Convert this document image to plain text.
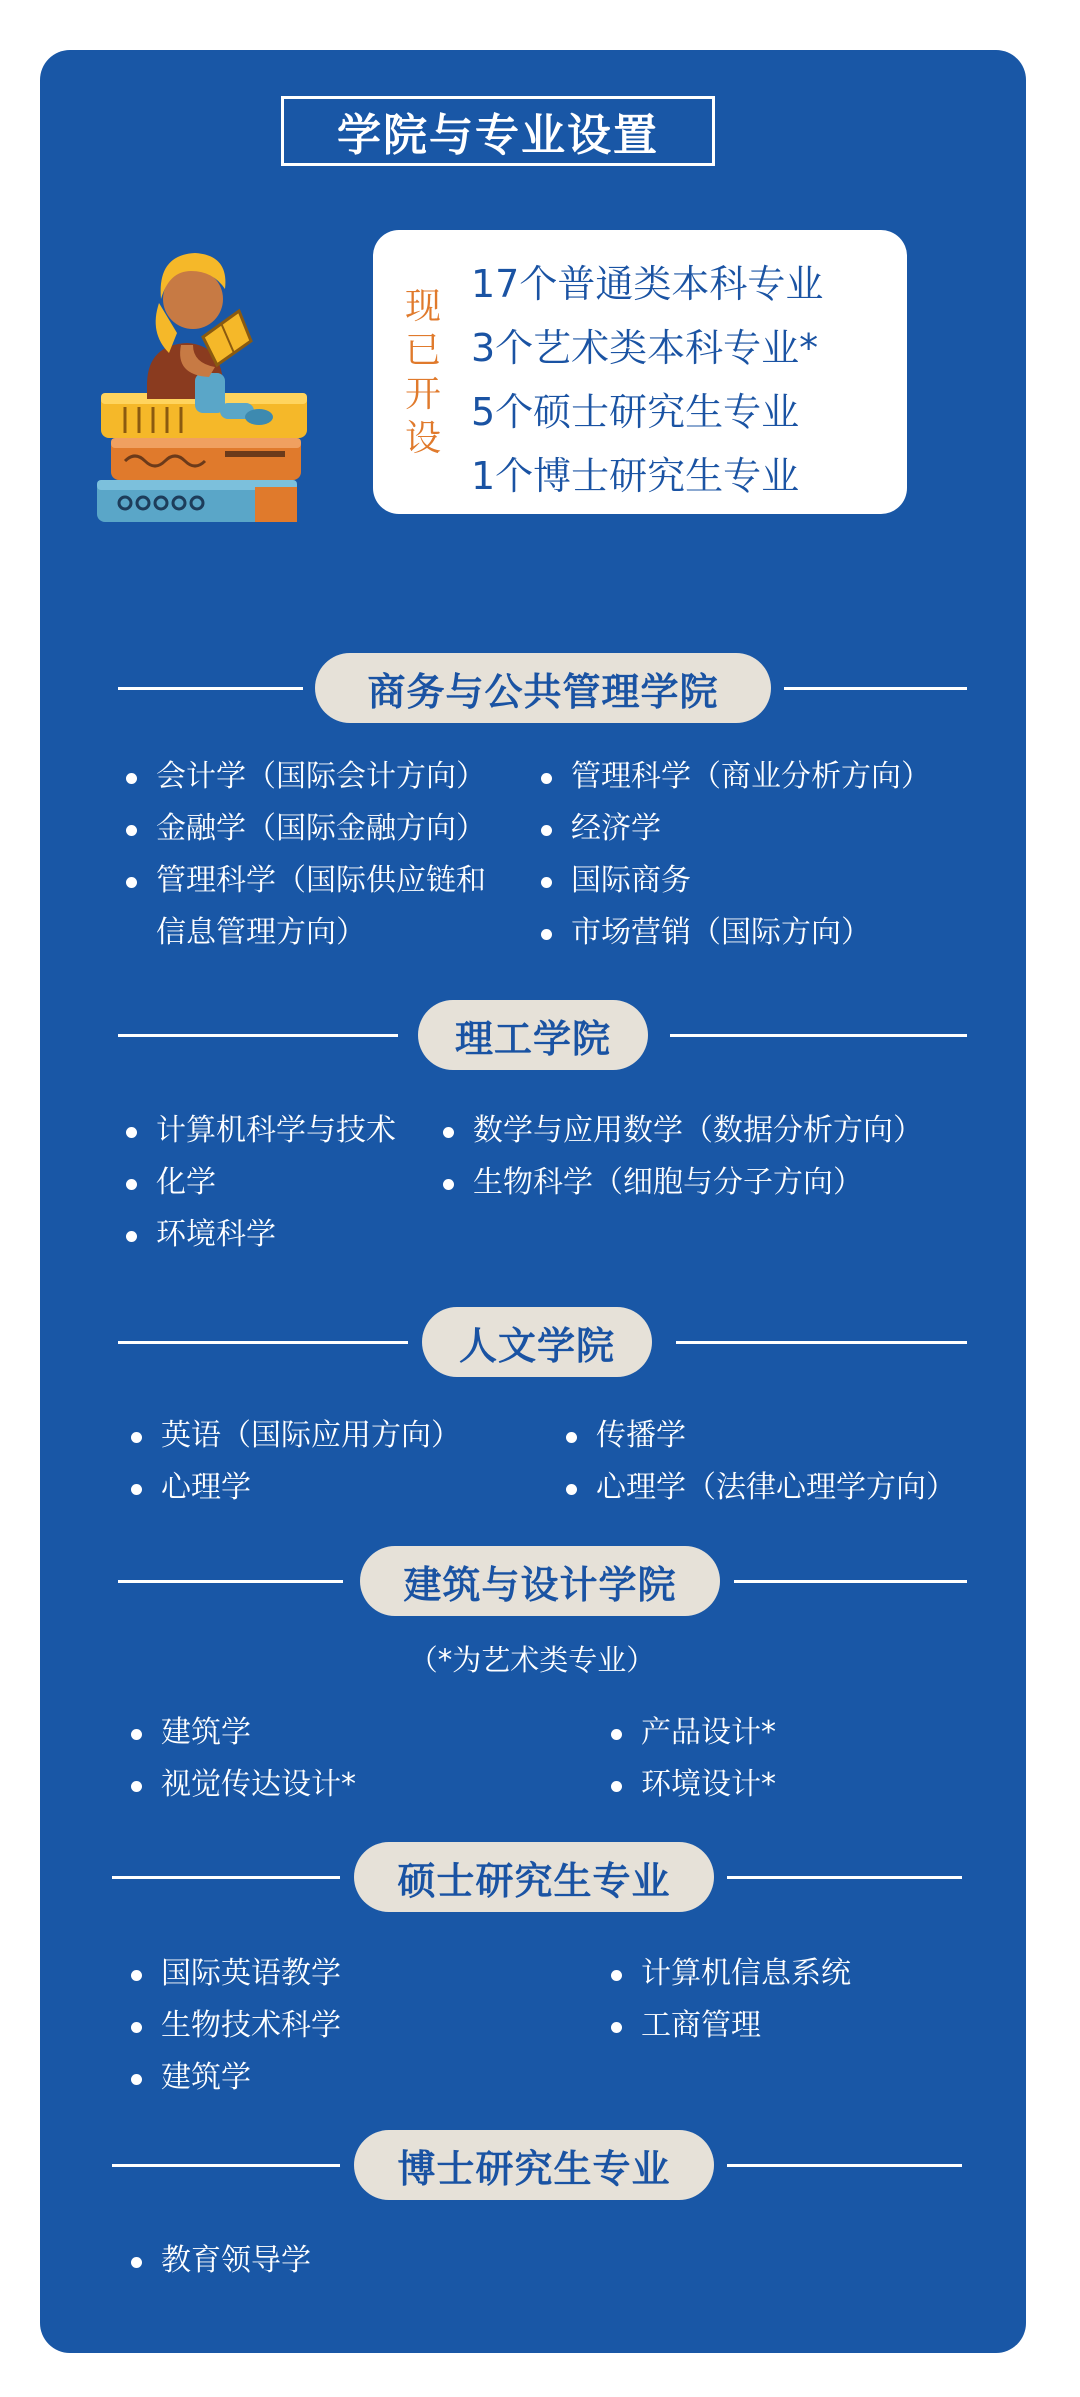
学院与专业设置
现
已
开
设
17个普通类本科专业
3个艺术类本科专业*
5个硕士研究生专业
1个博士研究生专业
商务与公共管理学院
会计学（国际会计方向）
金融学（国际金融方向）
管理科学（国际供应链和
信息管理方向）
管理科学（商业分析方向）
经济学
国际商务
市场营销（国际方向）
理工学院
计算机科学与技术
化学
环境科学
数学与应用数学（数据分析方向）
生物科学（细胞与分子方向）
人文学院
英语（国际应用方向）
心理学
传播学
心理学（法律心理学方向）
建筑与设计学院
（*为艺术类专业）
建筑学
视觉传达设计*
产品设计*
环境设计*
硕士研究生专业
国际英语教学
生物技术科学
建筑学
计算机信息系统
工商管理
博士研究生专业
教育领导学
